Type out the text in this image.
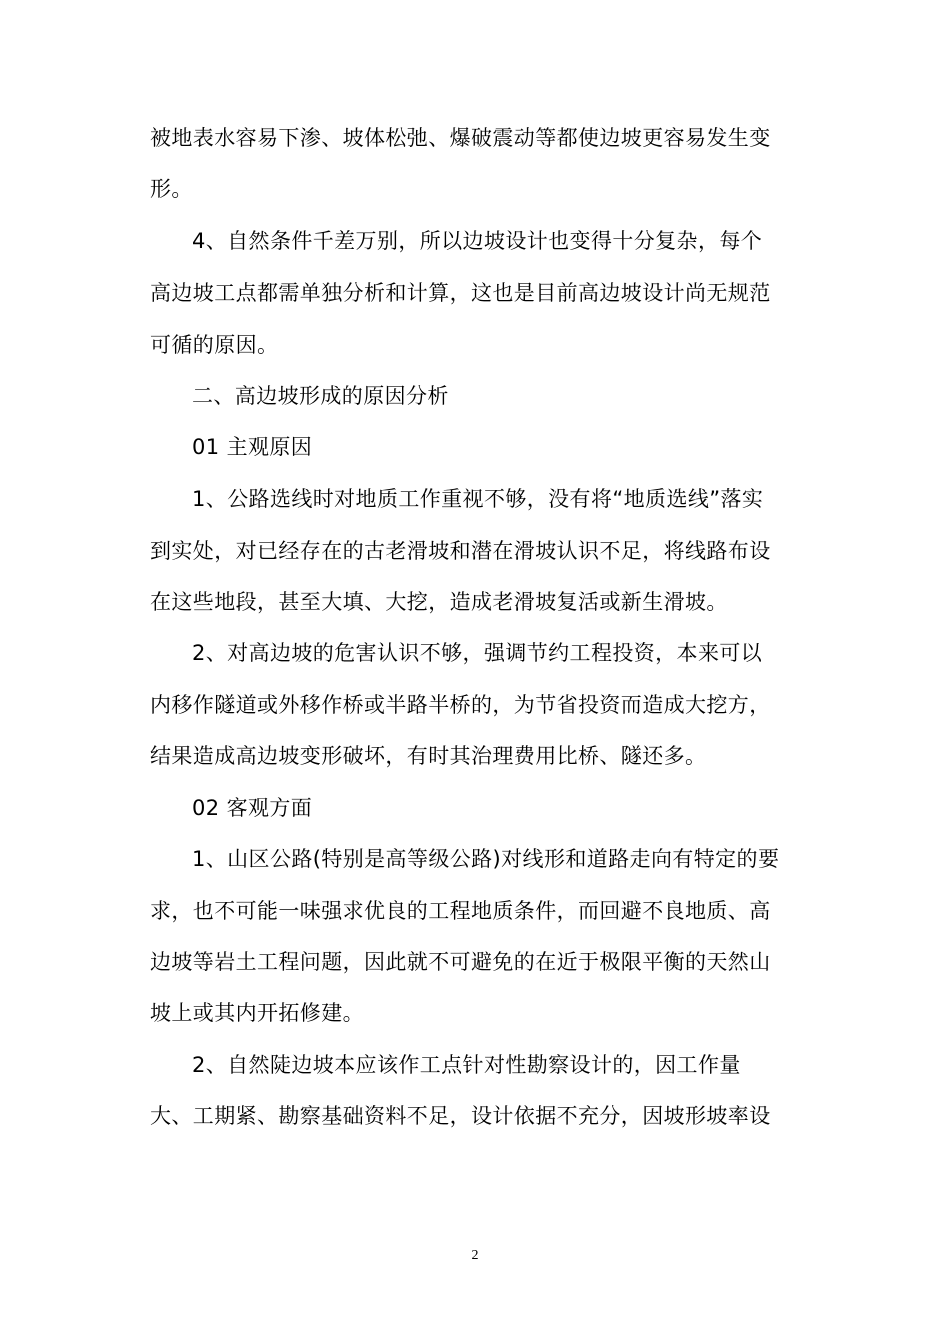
被地表水容易下渗、坡体松弛、爆破震动等都使边坡更容易发生变
形。
4、自然条件千差万别，所以边坡设计也变得十分复杂，每个
高边坡工点都需单独分析和计算，这也是目前高边坡设计尚无规范
可循的原因。
二、高边坡形成的原因分析
01 主观原因
1、公路选线时对地质工作重视不够，没有将“地质选线”落实
到实处，对已经存在的古老滑坡和潜在滑坡认识不足，将线路布设
在这些地段，甚至大填、大挖，造成老滑坡复活或新生滑坡。
2、对高边坡的危害认识不够，强调节约工程投资，本来可以
内移作隧道或外移作桥或半路半桥的，为节省投资而造成大挖方，
结果造成高边坡变形破坏，有时其治理费用比桥、隧还多。
02 客观方面
1、山区公路(特别是高等级公路)对线形和道路走向有特定的要
求，也不可能一味强求优良的工程地质条件，而回避不良地质、高
边坡等岩土工程问题，因此就不可避免的在近于极限平衡的天然山
坡上或其内开拓修建。
2、自然陡边坡本应该作工点针对性勘察设计的，因工作量
大、工期紧、勘察基础资料不足，设计依据不充分，因坡形坡率设
2
